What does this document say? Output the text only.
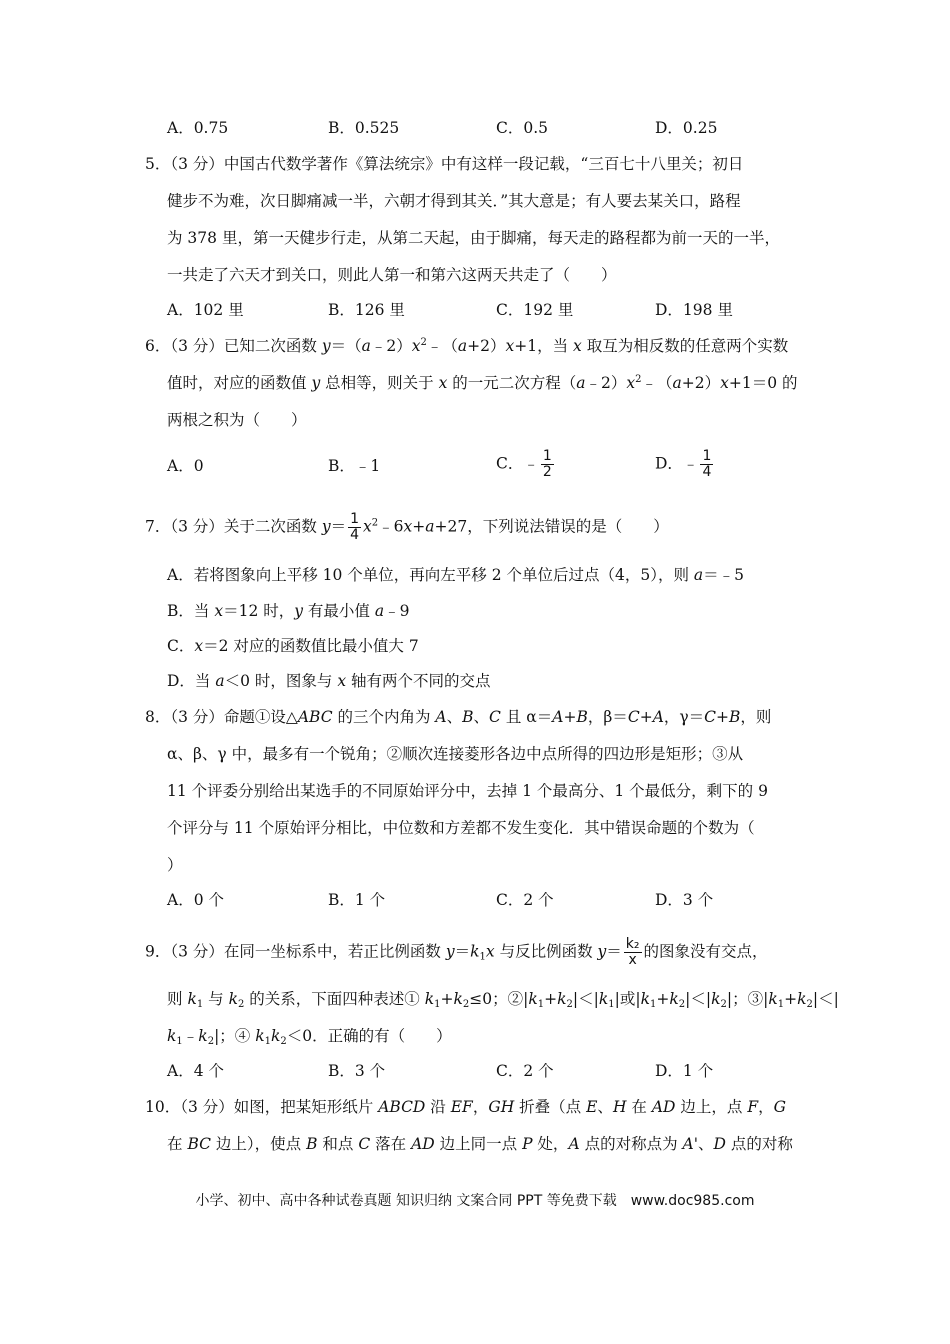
A．0.75	B．0.525	C．0.5	D．0.25
5．（3 分）中国古代数学著作《算法统宗》中有这样一段记载，“三百七十八里关；初日
健步不为难，次日脚痛减一半，六朝才得到其关．”其大意是；有人要去某关口，路程
为 378 里，第一天健步行走，从第二天起，由于脚痛，每天走的路程都为前一天的一半，
一共走了六天才到关口，则此人第一和第六这两天共走了（　　）
A．102 里	B．126 里	C．192 里	D．198 里
6．（3 分）已知二次函数 $y=(a﹣2)x^2﹣(a+2)x+1$，当 x 取互为相反数的任意两个实数
值时，对应的函数值 y 总相等，则关于 x 的一元二次方程$(a﹣2)x^2﹣(a+2)x+1=0$ 的
两根之积为（　　）
A．0	B．﹣1	C．﹣ $\frac{1}{2}$	D．﹣ $\frac{1}{4}$
7．（3 分）关于二次函数 $y= \frac{1}{4}$ $x^2﹣6x+a+27$，下列说法错误的是（　　）
A．若将图象向上平移 10 个单位，再向左平移 2 个单位后过点（4，5），则 a＝﹣5
B．当 x＝12 时，y 有最小值 a﹣9
C．x＝2 对应的函数值比最小值大 7
D．当 a＜0 时，图象与 x 轴有两个不同的交点
8．（3 分）命题①设△ABC 的三个内角为 A、B、C 且 α＝A+B，β＝C+A，γ＝C+B，则
α、β、γ 中，最多有一个锐角；②顺次连接菱形各边中点所得的四边形是矩形；③从
11 个评委分别给出某选手的不同原始评分中，去掉 1 个最高分、1 个最低分，剩下的 9
个评分与 11 个原始评分相比，中位数和方差都不发生变化．其中错误命题的个数为（
）
A．0 个	B．1 个	C．2 个	D．3 个
9．（3 分）在同一坐标系中，若正比例函数 $y=k_1x$ 与反比例函数 $y= \frac{\text{k₂}}{x}$ 的图象没有交点，
则 $k_1$ 与 $k_2$ 的关系，下面四种表述① $k_1+k_2\le 0$；$②|k_1+k_2|<|k_1|$或$|k_1+k_2|<|k_2|$；$③|k_1+k_2|<|$
$k_1﹣k_2|$；④ $k_1k_2<0$．正确的有（　　）
A．4 个	B．3 个	C．2 个	D．1 个
10．（3 分）如图，把某矩形纸片 ABCD 沿 EF，GH 折叠（点 E、H 在 AD 边上，点 F，G
在 BC 边上），使点 B 和点 C 落在 AD 边上同一点 P 处，A 点的对称点为 A'、D 点的对称
小学、初中、高中各种试卷真题 知识归纳 文案合同 PPT 等免费下载　www.doc985.com
